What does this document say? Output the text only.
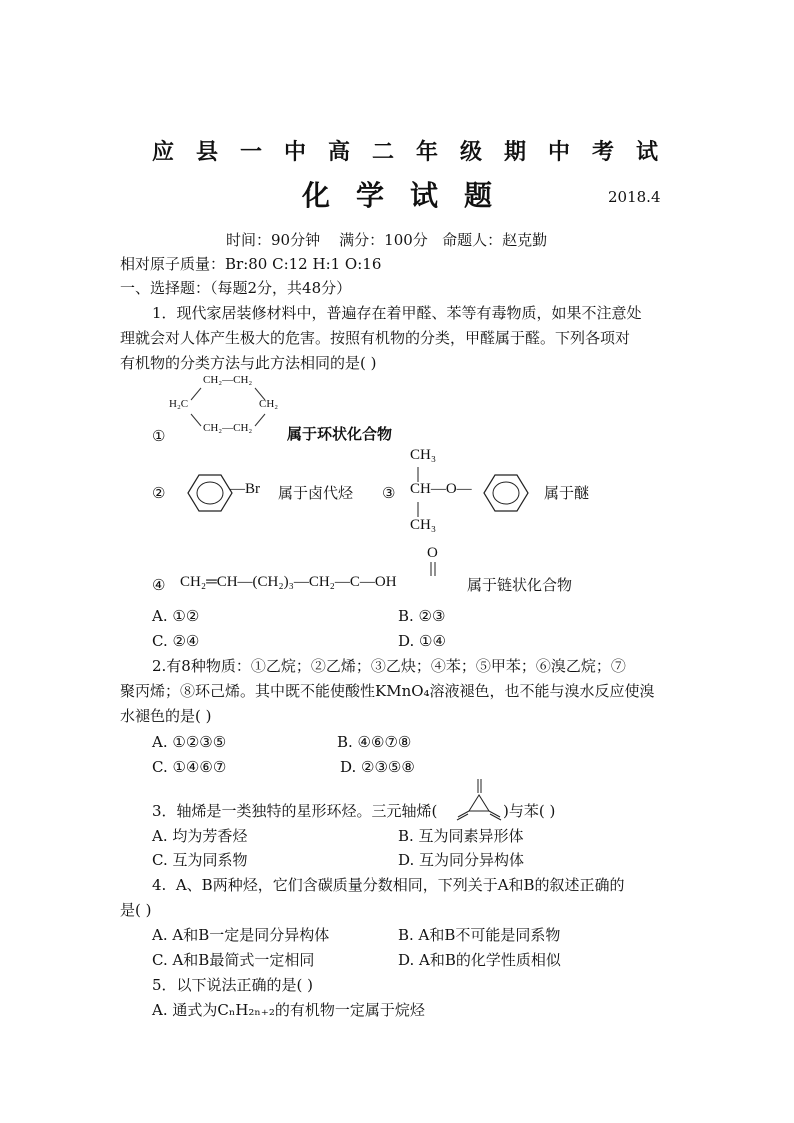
应县一中高二年级期中考试
化学试题	2018.4
时间：90分钟    满分：100分   命题人：赵克勤
相对原子质量：Br:80 C:12 H:1 O:16
一、选择题：（每题2分，共48分）
1．现代家居装修材料中，普遍存在着甲醛、苯等有毒物质，如果不注意处
理就会对人体产生极大的危害。按照有机物的分类，甲醛属于醛。下列各项对
有机物的分类方法与此方法相同的是( )
CH₂—CH₂
H₂C	CH₂
CH₂—CH₂
①	属于环状化合物
②	—Br 属于卤代烃 ③
CH₃
CH—O—
CH₃
属于醚
O
④ CH₂═CH—(CH₂)₃—CH₂—C—OH	属于链状化合物
A. ①②	B. ②③
C. ②④	D. ①④
2.有8种物质：①乙烷；②乙烯；③乙炔；④苯；⑤甲苯；⑥溴乙烷；⑦
聚丙烯；⑧环己烯。其中既不能使酸性KMnO₄溶液褪色，也不能与溴水反应使溴
水褪色的是( )
A. ①②③⑤	B. ④⑥⑦⑧
C. ①④⑥⑦	D. ②③⑤⑧
3．轴烯是一类独特的星形环烃。三元轴烯(	)与苯( )
A. 均为芳香烃	B. 互为同素异形体
C. 互为同系物	D. 互为同分异构体
4.  A、B两种烃，它们含碳质量分数相同，下列关于A和B的叙述正确的
是( )
A. A和B一定是同分异构体	B. A和B不可能是同系物
C. A和B最简式一定相同	D. A和B的化学性质相似
5．以下说法正确的是( )
A. 通式为CₙH₂ₙ₊₂的有机物一定属于烷烃
